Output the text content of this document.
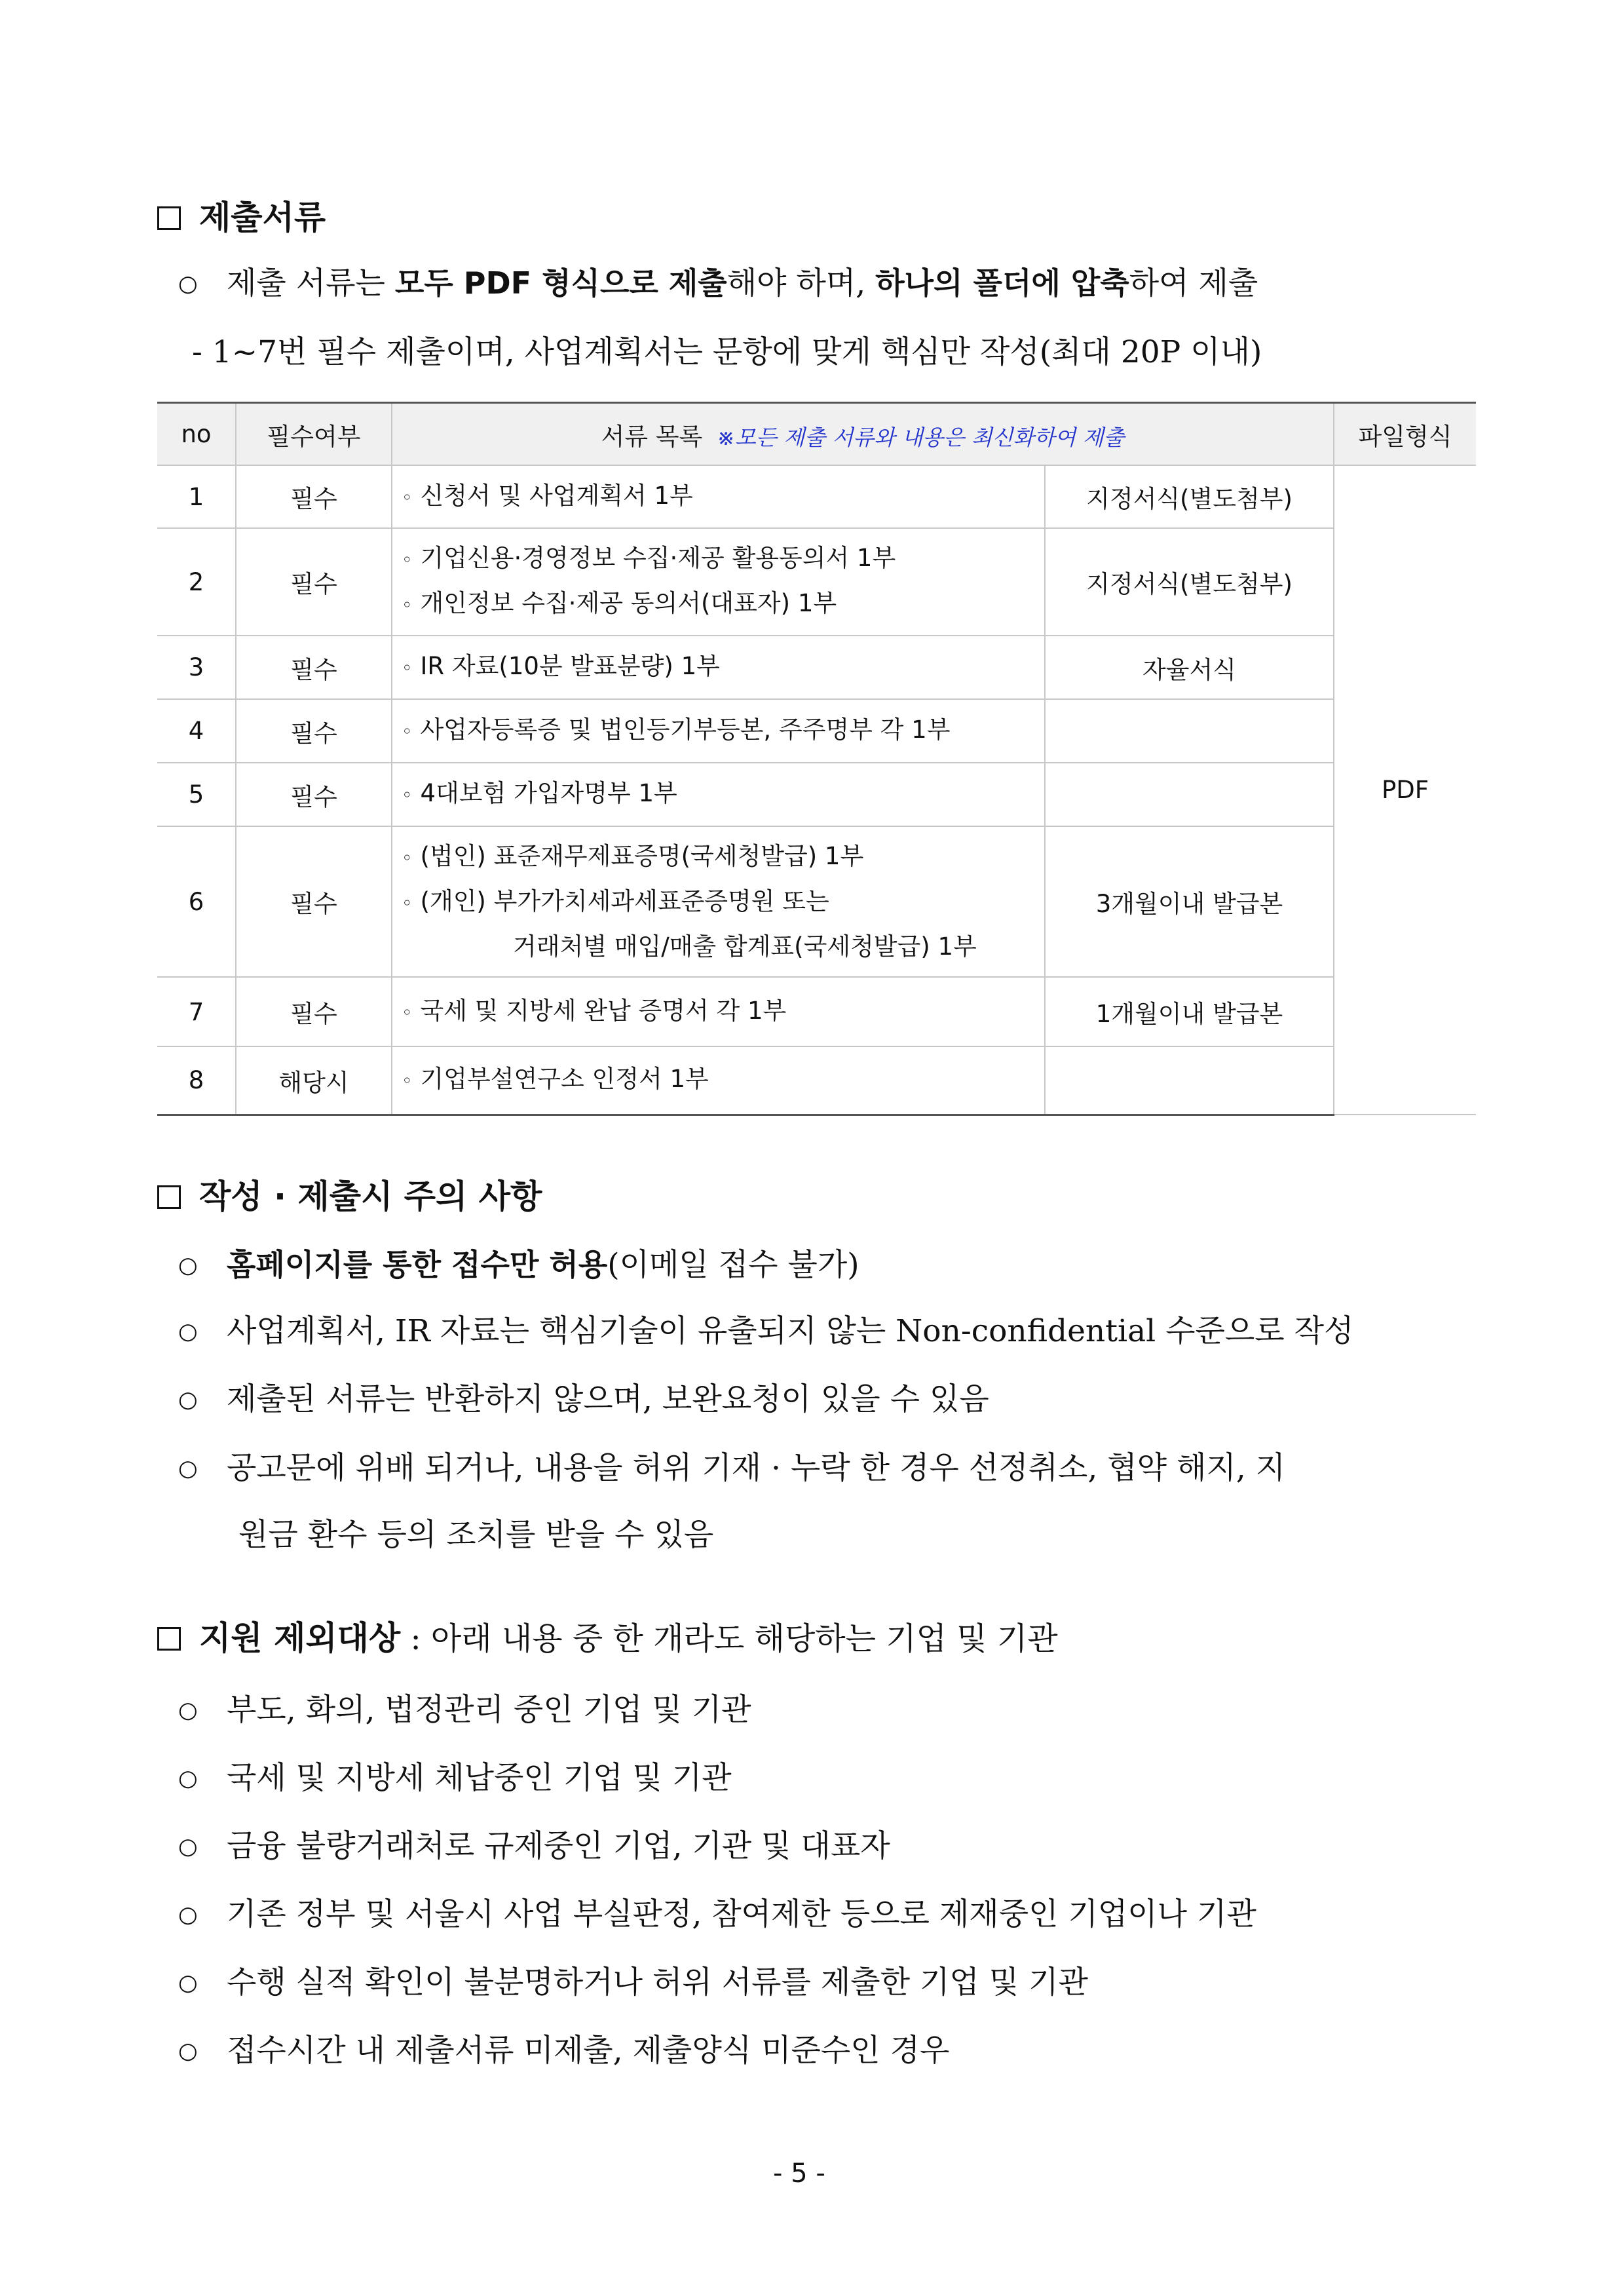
제출서류
○ 제출 서류는 모두 PDF 형식으로 제출해야 하며, 하나의 폴더에 압축하여 제출
- 1~7번 필수 제출이며, 사업계획서는 문항에 맞게 핵심만 작성(최대 20P 이내)
no	필수여부	서류 목록 ※모든 제출 서류와 내용은 최신화하여 제출		파일형식
1	필수	◦ 신청서 및 사업계획서 1부	지정서식(별도첨부)	PDF
2	필수	◦ 기업신용·경영정보 수집·제공 활용동의서 1부
◦ 개인정보 수집·제공 동의서(대표자) 1부	지정서식(별도첨부)	
3	필수	◦ IR 자료(10분 발표분량) 1부	자율서식	
4	필수	◦ 사업자등록증 및 법인등기부등본, 주주명부 각 1부		
5	필수	◦ 4대보험 가입자명부 1부		
6	필수	◦ (법인) 표준재무제표증명(국세청발급) 1부
◦ (개인) 부가가치세과세표준증명원 또는
거래처별 매입/매출 합계표(국세청발급) 1부	3개월이내 발급본	
7	필수	◦ 국세 및 지방세 완납 증명서 각 1부	1개월이내 발급본	
8	해당시	◦ 기업부설연구소 인정서 1부		
작성 · 제출시 주의 사항
○ 홈페이지를 통한 접수만 허용(이메일 접수 불가)
○ 사업계획서, IR 자료는 핵심기술이 유출되지 않는 Non-confidential 수준으로 작성
○ 제출된 서류는 반환하지 않으며, 보완요청이 있을 수 있음
○ 공고문에 위배 되거나, 내용을 허위 기재 · 누락 한 경우 선정취소, 협약 해지, 지
원금 환수 등의 조치를 받을 수 있음
지원 제외대상 : 아래 내용 중 한 개라도 해당하는 기업 및 기관
○ 부도, 화의, 법정관리 중인 기업 및 기관
○ 국세 및 지방세 체납중인 기업 및 기관
○ 금융 불량거래처로 규제중인 기업, 기관 및 대표자
○ 기존 정부 및 서울시 사업 부실판정, 참여제한 등으로 제재중인 기업이나 기관
○ 수행 실적 확인이 불분명하거나 허위 서류를 제출한 기업 및 기관
○ 접수시간 내 제출서류 미제출, 제출양식 미준수인 경우
- 5 -
